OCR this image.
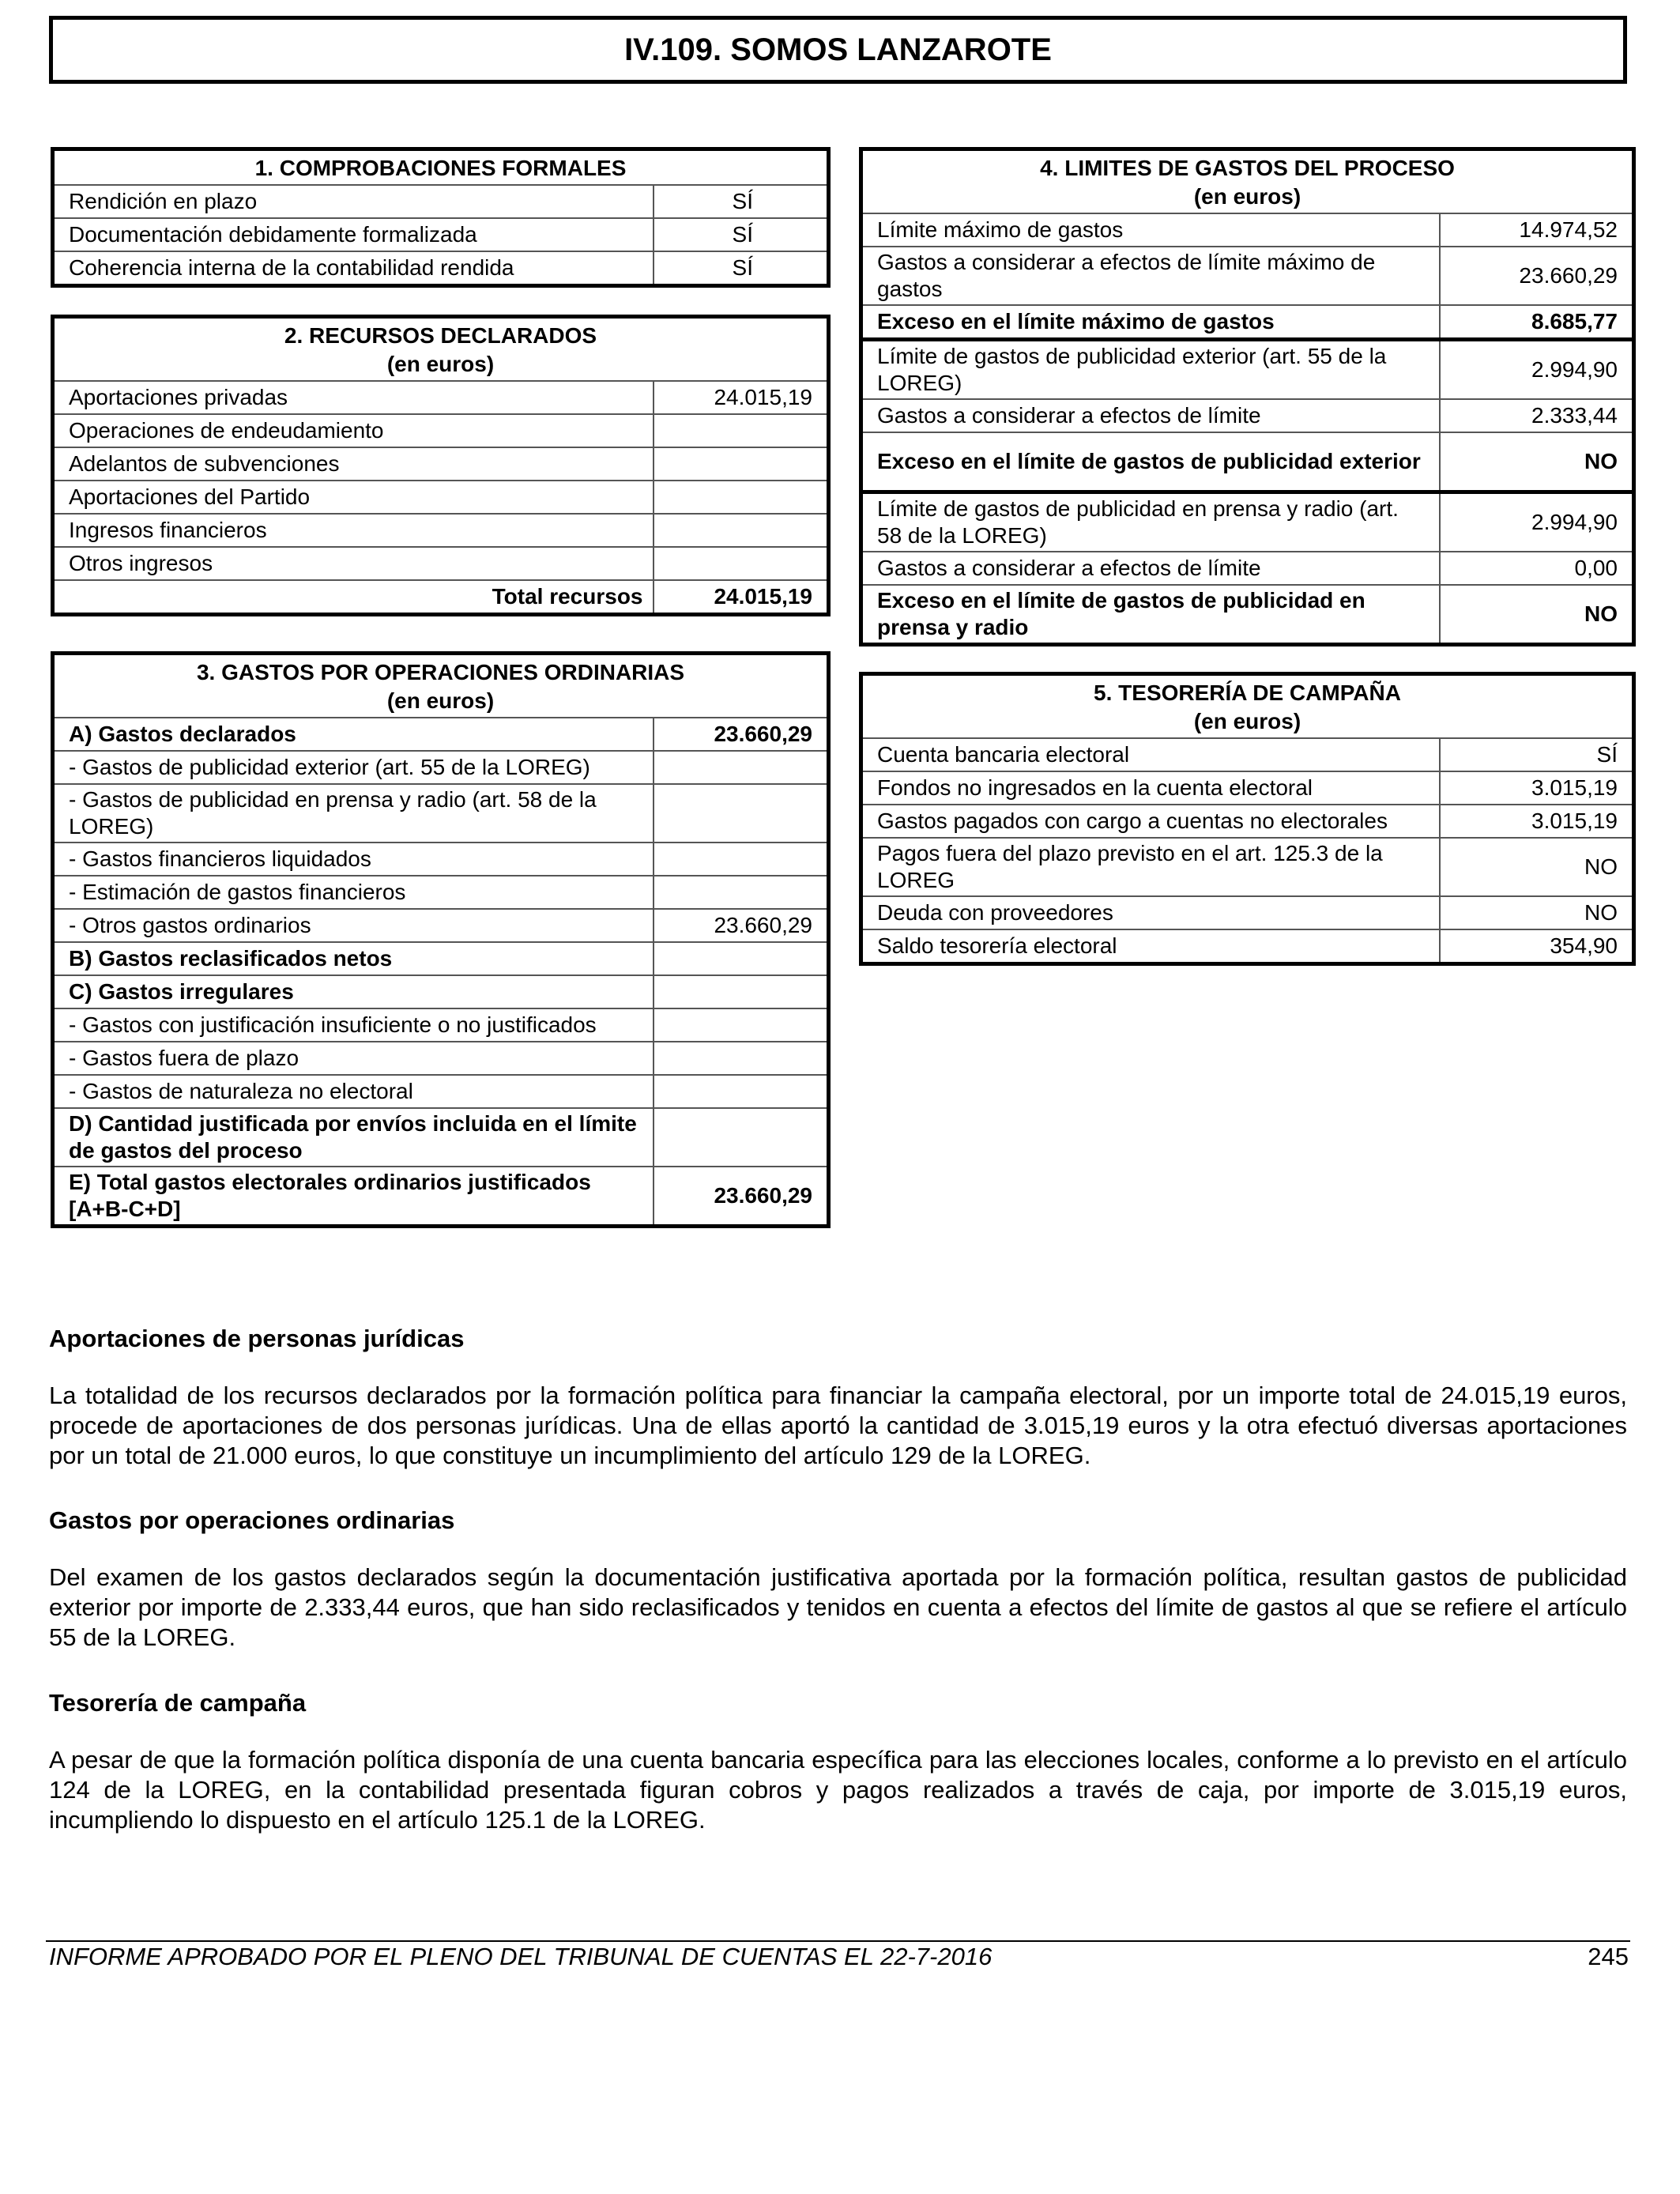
IV.109. SOMOS LANZAROTE
1. COMPROBACIONES FORMALES	
Rendición en plazo	SÍ
Documentación debidamente formalizada	SÍ
Coherencia interna de la contabilidad rendida	SÍ
2. RECURSOS DECLARADOS
(en euros)	
Aportaciones privadas	24.015,19
Operaciones de endeudamiento	
Adelantos de subvenciones	
Aportaciones del Partido	
Ingresos financieros	
Otros ingresos	
Total recursos	24.015,19
3. GASTOS POR OPERACIONES ORDINARIAS
(en euros)	
A) Gastos declarados	23.660,29
- Gastos de publicidad exterior (art. 55 de la LOREG)	
- Gastos de publicidad en prensa y radio (art. 58 de la LOREG)	
- Gastos financieros liquidados	
- Estimación de gastos financieros	
- Otros gastos ordinarios	23.660,29
B) Gastos reclasificados netos	
C) Gastos irregulares	
- Gastos con justificación insuficiente o no justificados	
- Gastos fuera de plazo	
- Gastos de naturaleza no electoral	
D) Cantidad justificada por envíos incluida en el límite de gastos del proceso	
E) Total gastos electorales ordinarios justificados [A+B-C+D]	23.660,29
4. LIMITES DE GASTOS DEL PROCESO
(en euros)	
Límite máximo de gastos	14.974,52
Gastos a considerar a efectos de límite máximo de gastos	23.660,29
Exceso en el límite máximo de gastos	8.685,77
Límite de gastos de publicidad exterior (art. 55 de la LOREG)	2.994,90
Gastos a considerar a efectos de límite	2.333,44
Exceso en el límite de gastos de publicidad exterior	NO
Límite de gastos de publicidad en prensa y radio (art. 58 de la LOREG)	2.994,90
Gastos a considerar a efectos de límite	0,00
Exceso en el límite de gastos de publicidad en prensa y radio	NO
5. TESORERÍA DE CAMPAÑA
(en euros)	
Cuenta bancaria electoral	SÍ
Fondos no ingresados en la cuenta electoral	3.015,19
Gastos pagados con cargo a cuentas no electorales	3.015,19
Pagos fuera del plazo previsto en el art. 125.3 de la LOREG	NO
Deuda con proveedores	NO
Saldo tesorería electoral	354,90
Aportaciones de personas jurídicas

La totalidad de los recursos declarados por la formación política para financiar la campaña electoral, por un importe total de 24.015,19 euros, procede de aportaciones de dos personas jurídicas. Una de ellas aportó la cantidad de 3.015,19 euros y la otra efectuó diversas aportaciones por un total de 21.000 euros, lo que constituye un incumplimiento del artículo 129 de la LOREG.

Gastos por operaciones ordinarias

Del examen de los gastos declarados según la documentación justificativa aportada por la formación política, resultan gastos de publicidad exterior por importe de 2.333,44 euros, que han sido reclasificados y tenidos en cuenta a efectos del límite de gastos al que se refiere el artículo 55 de la LOREG.

Tesorería de campaña

A pesar de que la formación política disponía de una cuenta bancaria específica para las elecciones locales, conforme a lo previsto en el artículo 124 de la LOREG, en la contabilidad presentada figuran cobros y pagos realizados a través de caja, por importe de 3.015,19 euros, incumpliendo lo dispuesto en el artículo 125.1 de la LOREG.

INFORME APROBADO POR EL PLENO DEL TRIBUNAL DE CUENTAS EL 22-7-2016	245
